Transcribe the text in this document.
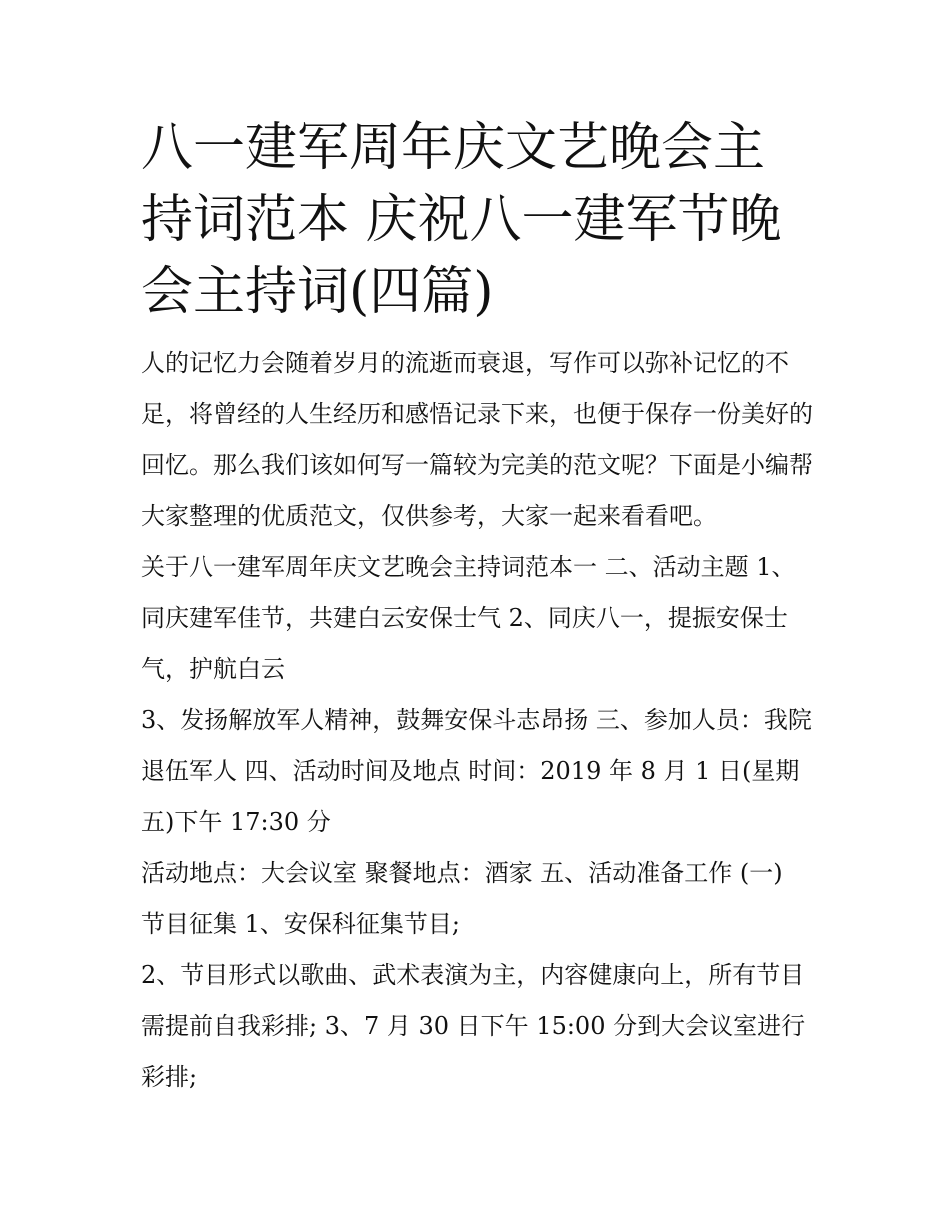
八一建军周年庆文艺晚会主持词范本 庆祝八一建军节晚会主持词(四篇)

人的记忆力会随着岁月的流逝而衰退，写作可以弥补记忆的不足，将曾经的人生经历和感悟记录下来，也便于保存一份美好的回忆。那么我们该如何写一篇较为完美的范文呢？下面是小编帮大家整理的优质范文，仅供参考，大家一起来看看吧。

关于八一建军周年庆文艺晚会主持词范本一 二、活动主题 1、同庆建军佳节，共建白云安保士气 2、同庆八一，提振安保士气，护航白云

3、发扬解放军人精神，鼓舞安保斗志昂扬 三、参加人员：我院退伍军人 四、活动时间及地点 时间：2019 年 8 月 1 日(星期五)下午 17:30 分

活动地点：大会议室 聚餐地点：酒家 五、活动准备工作 (一) 节目征集 1、安保科征集节目;

2、节目形式以歌曲、武术表演为主，内容健康向上，所有节目需提前自我彩排; 3、7 月 30 日下午 15:00 分到大会议室进行彩排;
